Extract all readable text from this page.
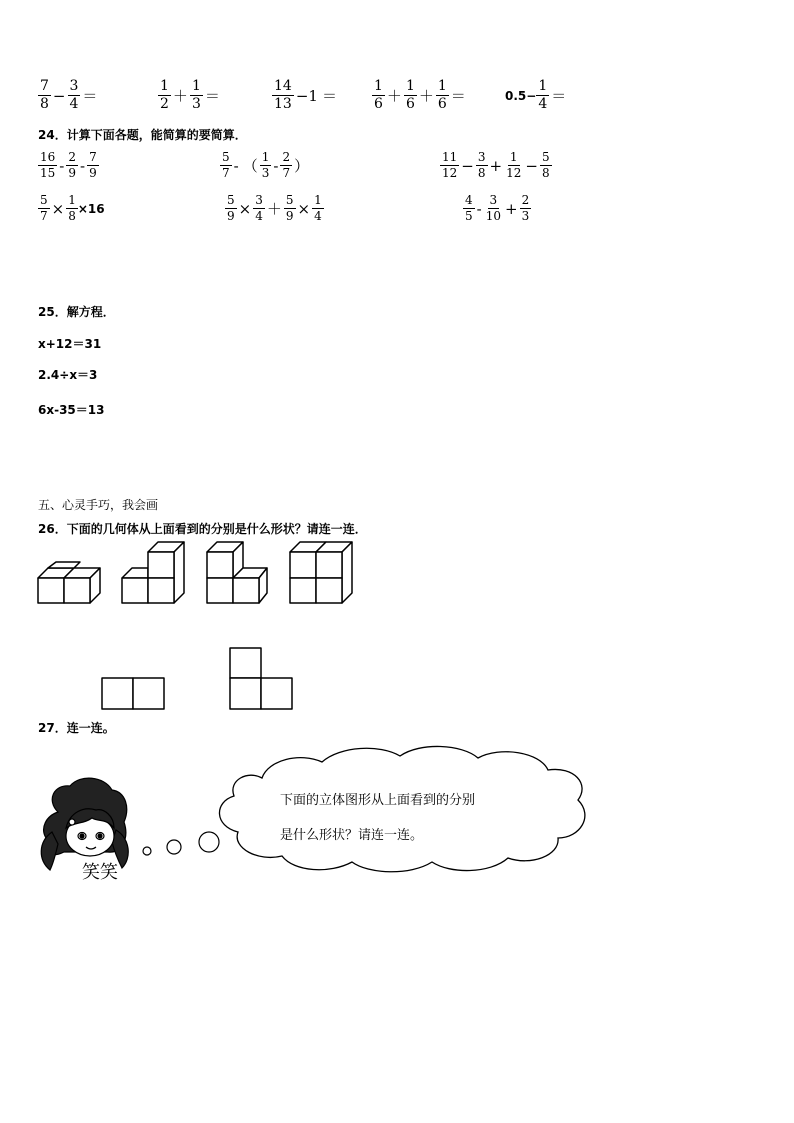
$\frac{7}{8} - \frac{3}{4}$ ＝	$\frac{1}{2} + \frac{1}{3}$ ＝	$\frac{14}{13} -1$ ＝	$\frac{1}{6} + \frac{1}{6} + \frac{1}{6}$ ＝	$0.5- \frac{1}{4}$ ＝
24．计算下面各题，能简算的要简算．
$\frac{16}{15} - \frac{2}{9} - \frac{7}{9}$	$\frac{5}{7}$ - （ $\frac{1}{3} - \frac{2}{7}$ ）	$\frac{11}{12} - \frac{3}{8} + \frac{1}{12} - \frac{5}{8}$
$\frac{5}{7} \times \frac{1}{8} \times 16$	$\frac{5}{9} \times \frac{3}{4} + \frac{5}{9} \times \frac{1}{4}$	$\frac{4}{5} - \frac{3}{10} + \frac{2}{3}$
25．解方程．
x+12＝31
2.4÷x＝3
6x-35＝13
五、心灵手巧，我会画
26．下面的几何体从上面看到的分别是什么形状？请连一连．
27．连一连。
下面的立体图形从上面看到的分别
是什么形状？请连一连。
笑笑
